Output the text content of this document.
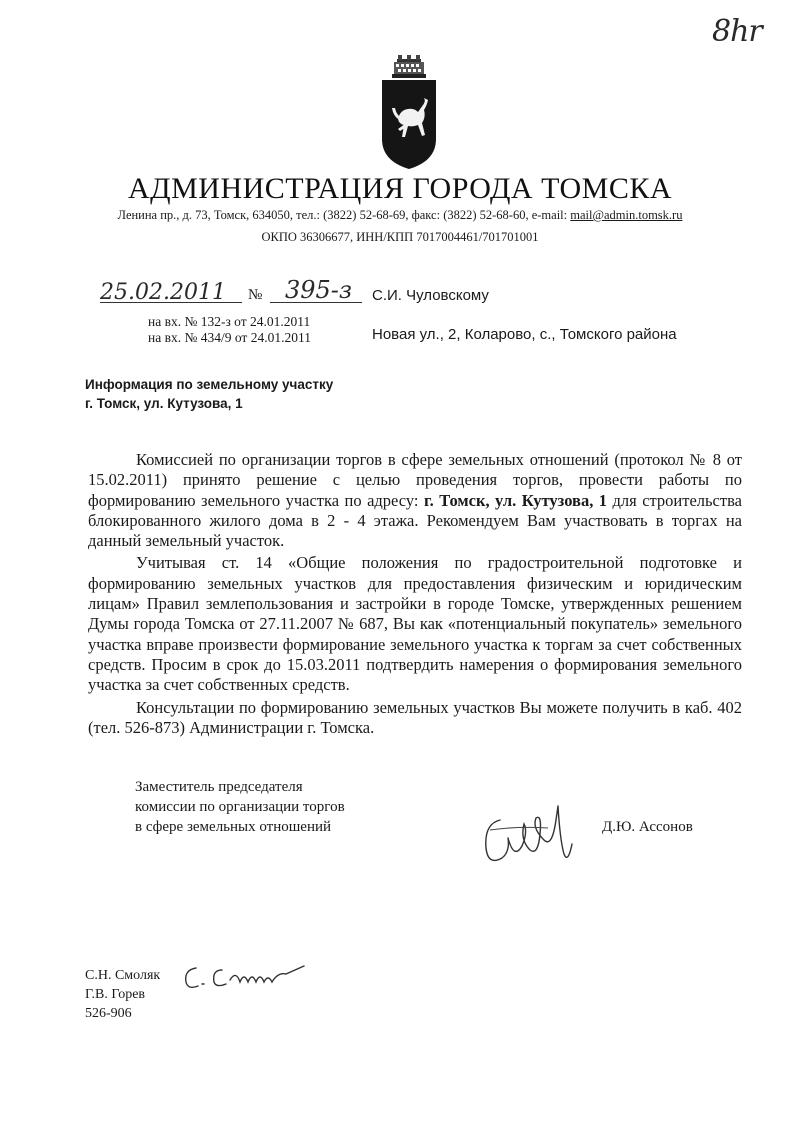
8hr
АДМИНИСТРАЦИЯ ГОРОДА ТОМСКА
Ленина пр., д. 73, Томск, 634050, тел.: (3822) 52-68-69, факс: (3822) 52-68-60, e-mail: mail@admin.tomsk.ru
ОКПО 36306677, ИНН/КПП 7017004461/701701001
25.02.2011 № 395-з
на вх. № 132-з от 24.01.2011
на вх. № 434/9 от 24.01.2011
С.И. Чуловскому
Новая ул., 2, Коларово, с., Томского района
Информация по земельному участку
г. Томск, ул. Кутузова, 1

Комиссией по организации торгов в сфере земельных отношений (протокол № 8 от 15.02.2011) принято решение с целью проведения торгов, провести работы по формированию земельного участка по адресу: г. Томск, ул. Кутузова, 1 для строительства блокированного жилого дома в 2 - 4 этажа. Рекомендуем Вам участвовать в торгах на данный земельный участок.

Учитывая ст. 14 «Общие положения по градостроительной подготовке и формированию земельных участков для предоставления физическим и юридическим лицам» Правил землепользования и застройки в городе Томске, утвержденных решением Думы города Томска от 27.11.2007 № 687, Вы как «потенциальный покупатель» земельного участка вправе произвести формирование земельного участка к торгам за счет собственных средств. Просим в срок до 15.03.2011 подтвердить намерения о формирования земельного участка за счет собственных средств.

Консультации по формированию земельных участков Вы можете получить в каб. 402 (тел. 526-873) Администрации г. Томска.

Заместитель председателя
комиссии по организации торгов
в сфере земельных отношений	Д.Ю. Ассонов
С.Н. Смоляк
Г.В. Горев
526-906
